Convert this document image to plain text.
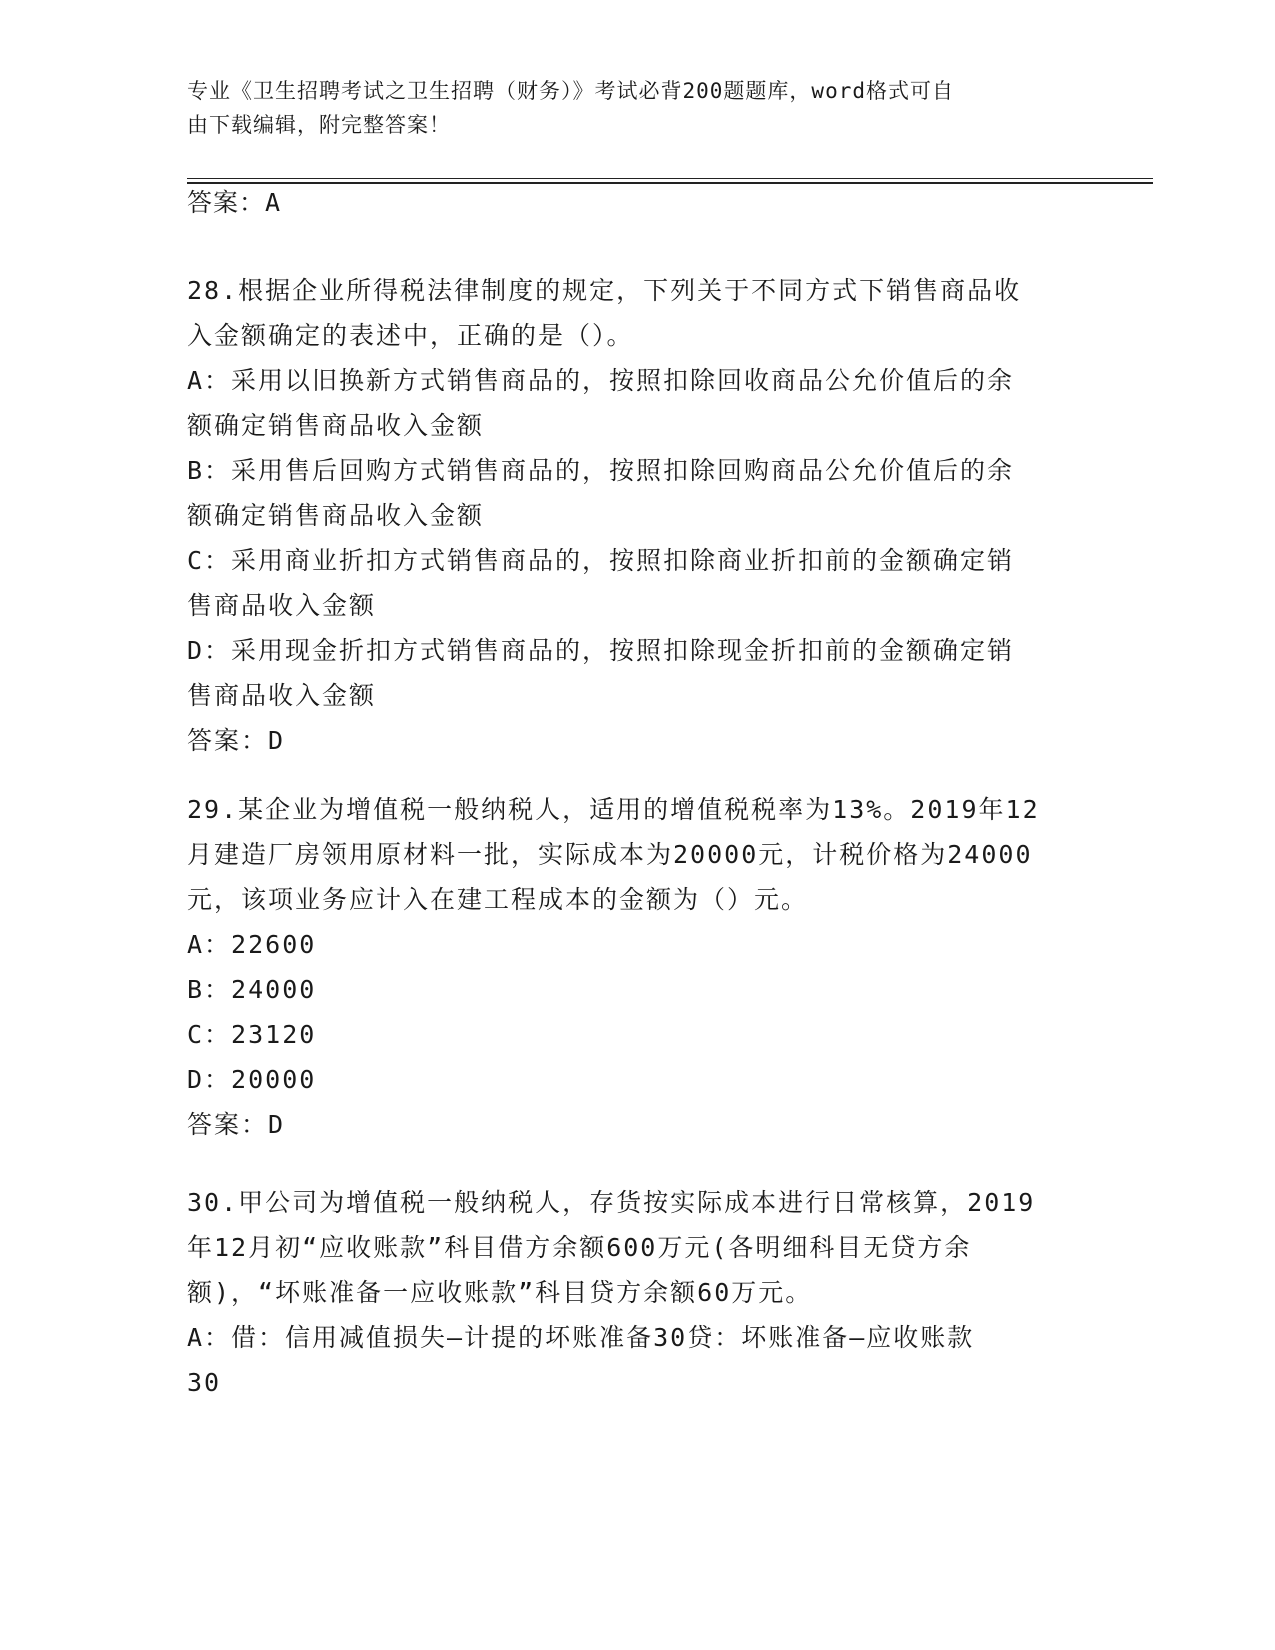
专业《卫生招聘考试之卫生招聘（财务）》考试必背200题题库，word格式可自
由下载编辑，附完整答案！
答案：A
28.根据企业所得税法律制度的规定，下列关于不同方式下销售商品收
入金额确定的表述中，正确的是（）。
A：采用以旧换新方式销售商品的，按照扣除回收商品公允价值后的余
额确定销售商品收入金额
B：采用售后回购方式销售商品的，按照扣除回购商品公允价值后的余
额确定销售商品收入金额
C：采用商业折扣方式销售商品的，按照扣除商业折扣前的金额确定销
售商品收入金额
D：采用现金折扣方式销售商品的，按照扣除现金折扣前的金额确定销
售商品收入金额
答案：D
29.某企业为增值税一般纳税人，适用的增值税税率为13%。2019年12
月建造厂房领用原材料一批，实际成本为20000元，计税价格为24000
元，该项业务应计入在建工程成本的金额为（）元。
A：22600
B：24000
C：23120
D：20000
答案：D
30.甲公司为增值税一般纳税人，存货按实际成本进行日常核算，2019
年12月初“应收账款”科目借方余额600万元(各明细科目无贷方余
额)，“坏账准备一应收账款”科目贷方余额60万元。
A：借：信用减值损失—计提的坏账准备30贷：坏账准备—应收账款
30
